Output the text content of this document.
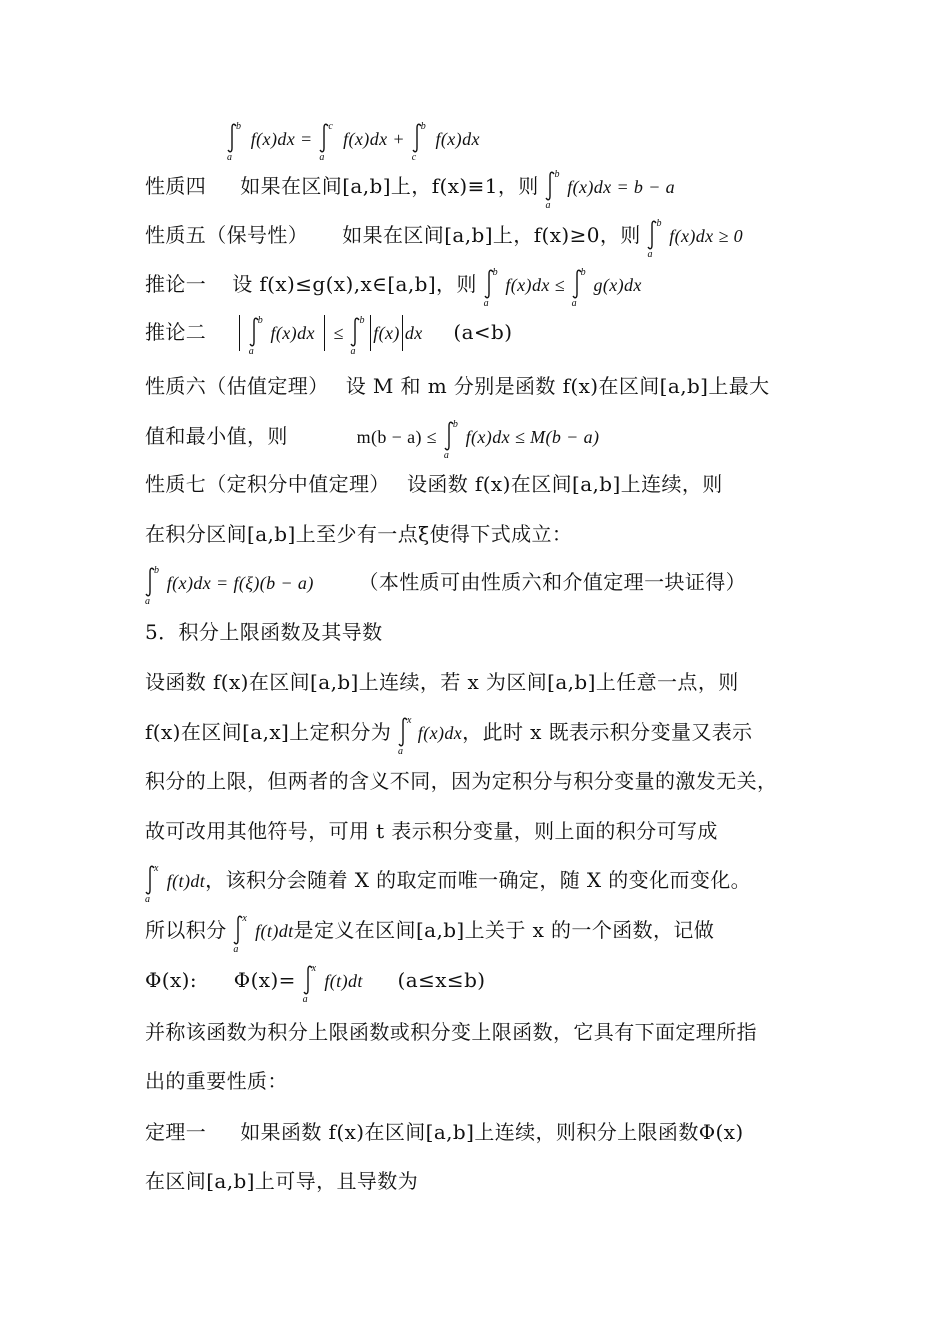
b
a
f(x)dx =
c
a
f(x)dx +
b
c
f(x)dx
性质四 如果在区间[a,b]上，f(x)≡1，则 b
a
f(x)dx = b − a
性质五（保号性） 如果在区间[a,b]上，f(x)≥0，则 b
a
f(x)dx ≥ 0
推论一 设 f(x)≤g(x),x∈[a,b]，则 b
a
f(x)dx ≤
b
a
g(x)dx
推论二	b
a
f(x)dx ≤
b
a
f(x) dx (a<b)
性质六（估值定理）　 设 M 和 m 分别是函数 f(x)在区间[a,b]上最大
值和最小值，则	m(b − a) ≤
b
a
f(x)dx ≤ M(b − a)
性质七（定积分中值定理）　 设函数 f(x)在区间[a,b]上连续，则
在积分区间[a,b]上至少有一点ξ使得下式成立：
b
a
f(x)dx = f(ξ)(b − a) （本性质可由性质六和介值定理一块证得）
5．积分上限函数及其导数
设函数 f(x)在区间[a,b]上连续，若 x 为区间[a,b]上任意一点，则
f(x)在区间[a,x]上定积分为 x
a
f(x)dx，此时 x 既表示积分变量又表示
积分的上限，但两者的含义不同，因为定积分与积分变量的激发无关，
故可改用其他符号，可用 t 表示积分变量，则上面的积分可写成
x
a
f(t)dt，该积分会随着 X 的取定而唯一确定，随 X 的变化而变化。
所以积分 x
a
f(t)dt是定义在区间[a,b]上关于 x 的一个函数，记做
Φ(x): Φ(x)= x
a
f(t)dt (a≤x≤b)
并称该函数为积分上限函数或积分变上限函数，它具有下面定理所指
出的重要性质：
定理一 如果函数 f(x)在区间[a,b]上连续，则积分上限函数Φ(x)
在区间[a,b]上可导，且导数为
